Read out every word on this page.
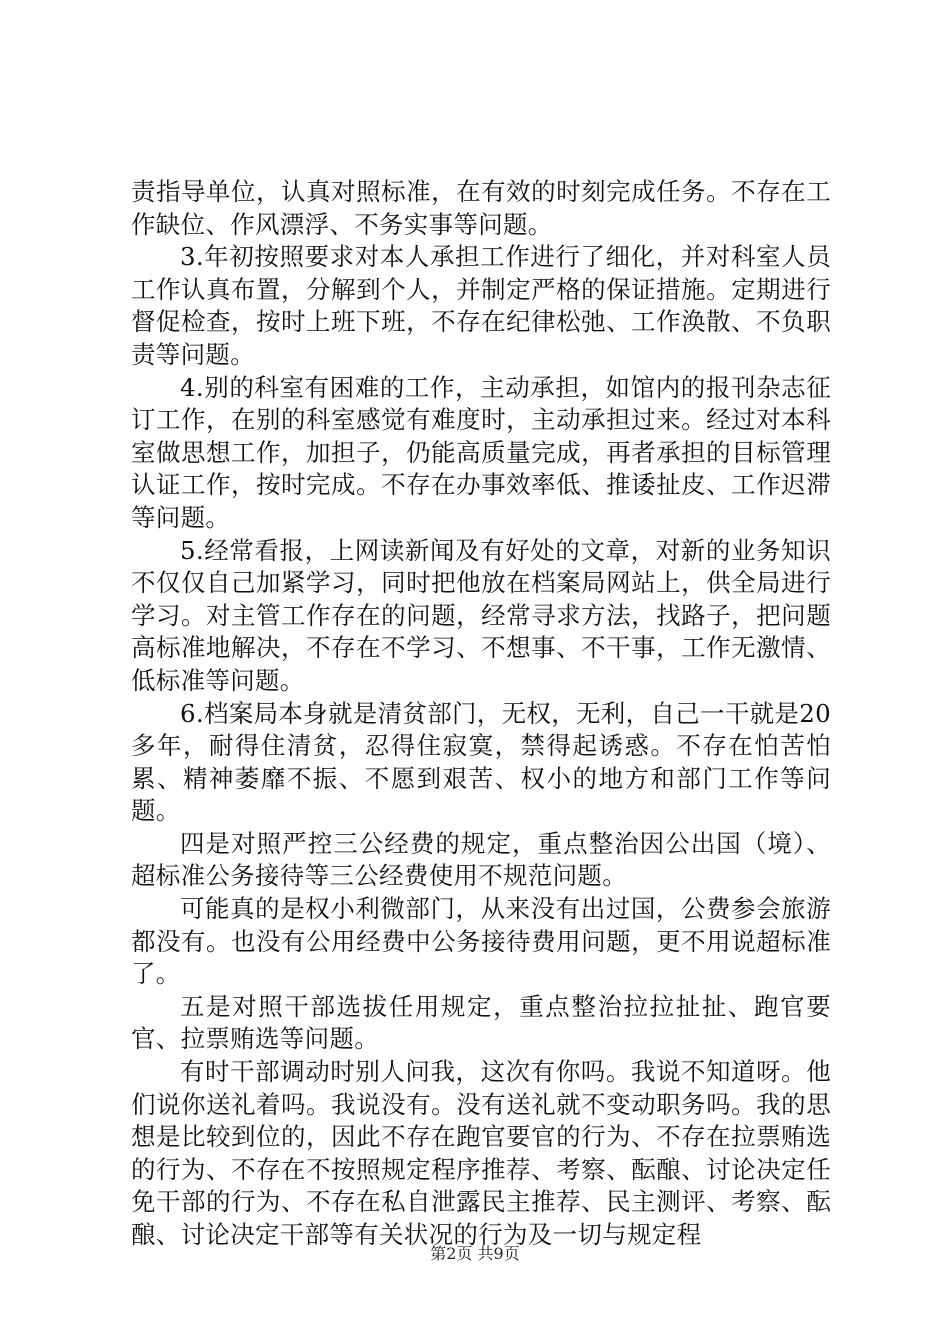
责指导单位，认真对照标准，在有效的时刻完成任务。不存在工作缺位、作风漂浮、不务实事等问题。

3.年初按照要求对本人承担工作进行了细化，并对科室人员工作认真布置，分解到个人，并制定严格的保证措施。定期进行督促检查，按时上班下班，不存在纪律松弛、工作涣散、不负职责等问题。

4.别的科室有困难的工作，主动承担，如馆内的报刊杂志征订工作，在别的科室感觉有难度时，主动承担过来。经过对本科室做思想工作，加担子，仍能高质量完成，再者承担的目标管理认证工作，按时完成。不存在办事效率低、推诿扯皮、工作迟滞等问题。

5.经常看报，上网读新闻及有好处的文章，对新的业务知识不仅仅自己加紧学习，同时把他放在档案局网站上，供全局进行学习。对主管工作存在的问题，经常寻求方法，找路子，把问题高标准地解决，不存在不学习、不想事、不干事，工作无激情、低标准等问题。

6.档案局本身就是清贫部门，无权，无利，自己一干就是20多年，耐得住清贫，忍得住寂寞，禁得起诱惑。不存在怕苦怕累、精神萎靡不振、不愿到艰苦、权小的地方和部门工作等问题。

四是对照严控三公经费的规定，重点整治因公出国（境）、超标准公务接待等三公经费使用不规范问题。

可能真的是权小利微部门，从来没有出过国，公费参会旅游都没有。也没有公用经费中公务接待费用问题，更不用说超标准了。

五是对照干部选拔任用规定，重点整治拉拉扯扯、跑官要官、拉票贿选等问题。

有时干部调动时别人问我，这次有你吗。我说不知道呀。他们说你送礼着吗。我说没有。没有送礼就不变动职务吗。我的思想是比较到位的，因此不存在跑官要官的行为、不存在拉票贿选的行为、不存在不按照规定程序推荐、考察、酝酿、讨论决定任免干部的行为、不存在私自泄露民主推荐、民主测评、考察、酝酿、讨论决定干部等有关状况的行为及一切与规定程

第2页 共9页
